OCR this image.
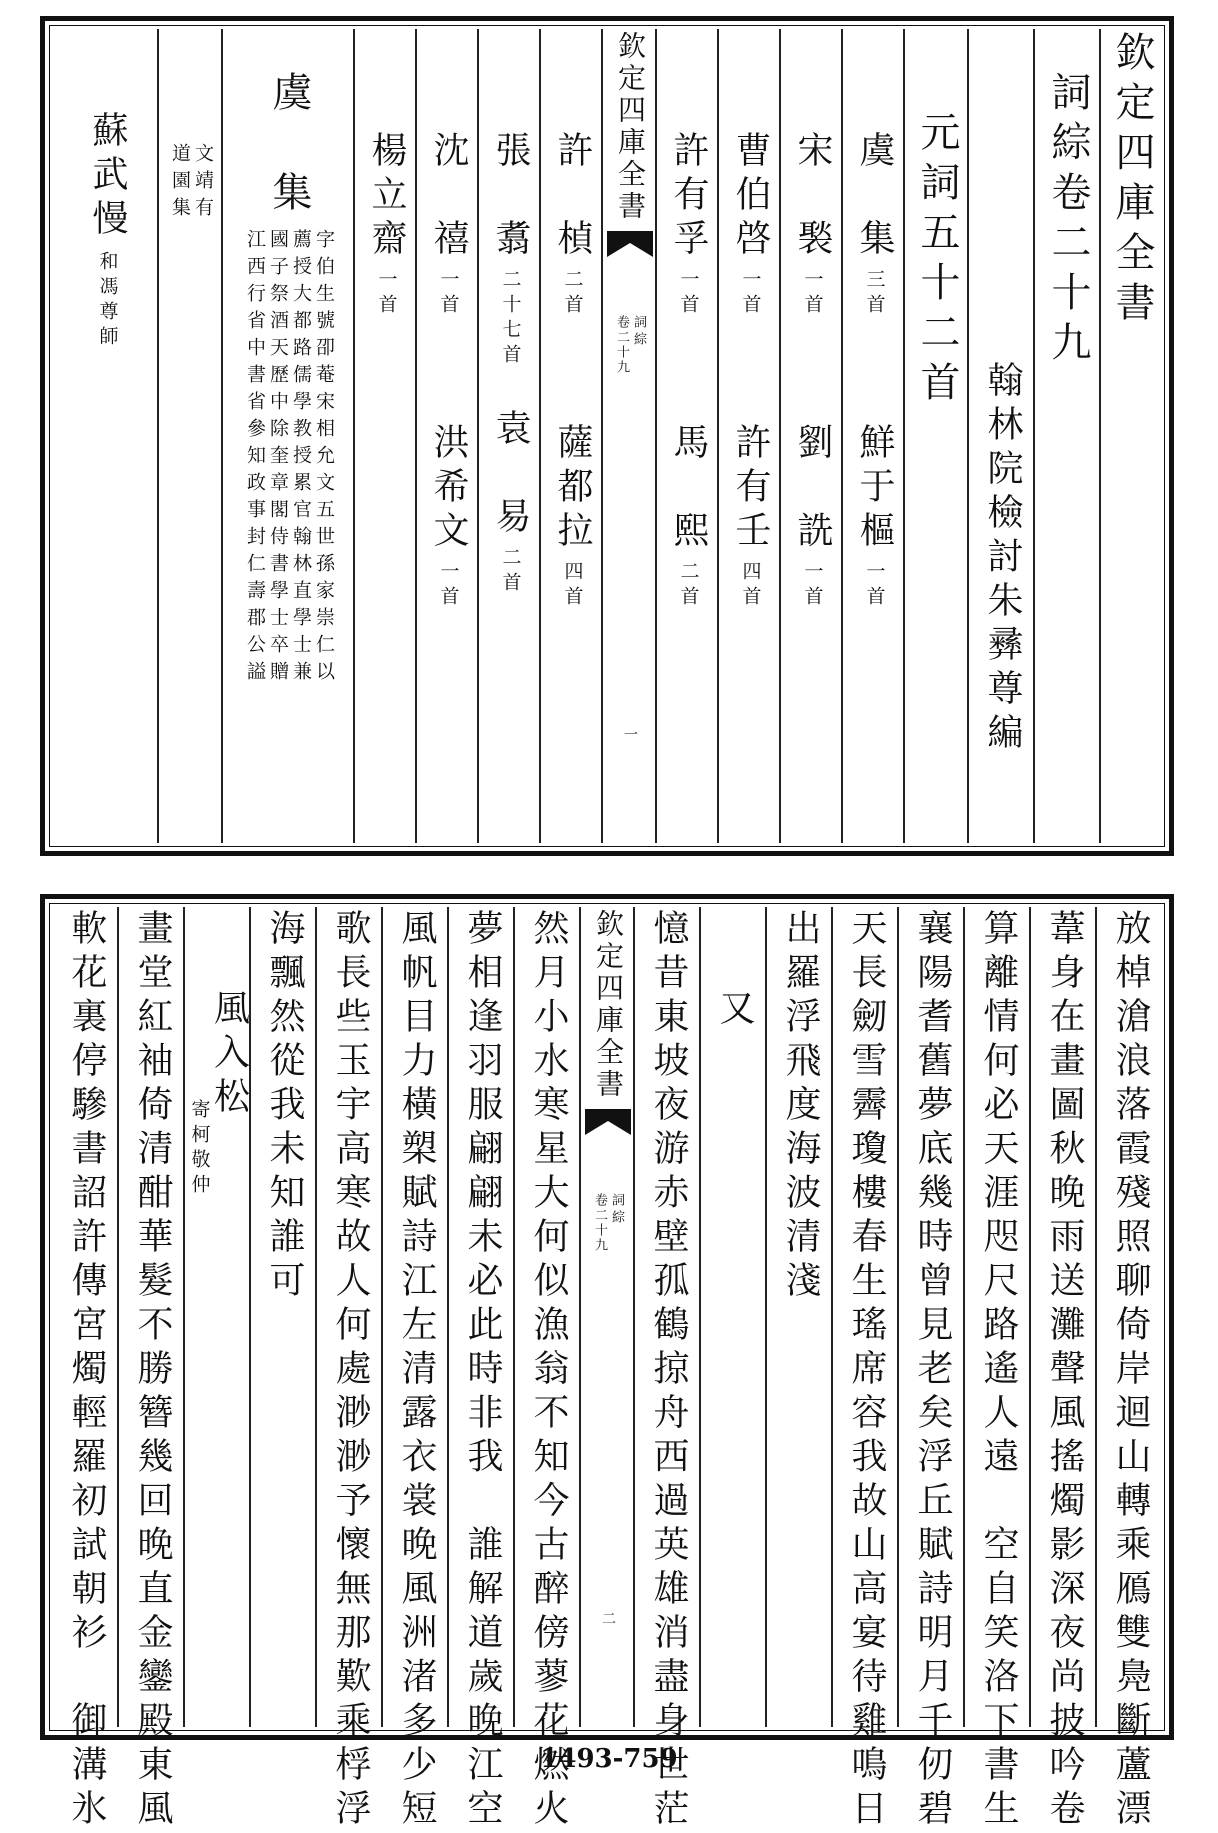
欽定四庫全書
詞綜卷二十九
翰林院檢討朱彞尊編
元詞五十二首
虞　集
三首
鮮于樞
一首
宋　褧
一首
劉　詵
一首
曹伯啓
一首
許有壬
四首
許有孚
一首
馬　熙
二首
欽定四庫全書
詞綜
卷二十九
一
許　楨
二首
薩都拉
四首
張　翥
二十七首
袁　易
二首
沈　禧
一首
洪希文
一首
楊立齋
一首
虞　集
字伯生號卲菴宋相允文五世孫家崇仁以
薦授大都路儒學教授累官翰林直學士兼
國子祭酒天歷中除奎章閣侍書學士卒贈
江西行省中書省參知政事封仁壽郡公謚
文靖有
道園集
蘇武慢
和馮尊師
放棹滄浪落霞殘照聊倚岸迴山轉乘鴈雙鳧斷蘆漂
葦身在畫圖秋晚雨送灘聲風搖燭影深夜尚披吟卷
算離情何必天涯咫尺路遙人遠　空自笑洛下書生
襄陽耆舊夢底幾時曾見老矣浮丘賦詩明月千仞碧
天長劒雪霽瓊樓春生瑤席容我故山高宴待雞鳴日
出羅浮飛度海波清淺
又
憶昔東坡夜游赤壁孤鶴掠舟西過英雄消盡身世茫
欽定四庫全書
詞綜
卷二十九
二
然月小水寒星大何似漁翁不知今古醉傍蓼花燃火
夢相逢羽服翩翩未必此時非我　誰解道歲晚江空
風帆目力橫槊賦詩江左清露衣裳晚風洲渚多少短
歌長些玉宇高寒故人何處渺渺予懷無那歎乘桴浮
海飄然從我未知誰可
風入松
寄柯敬仲
畫堂紅袖倚清酣華髮不勝簪幾回晚直金鑾殿東風
軟花裏停驂書詔許傳宮燭輕羅初試朝衫　御溝氷	1493-759
